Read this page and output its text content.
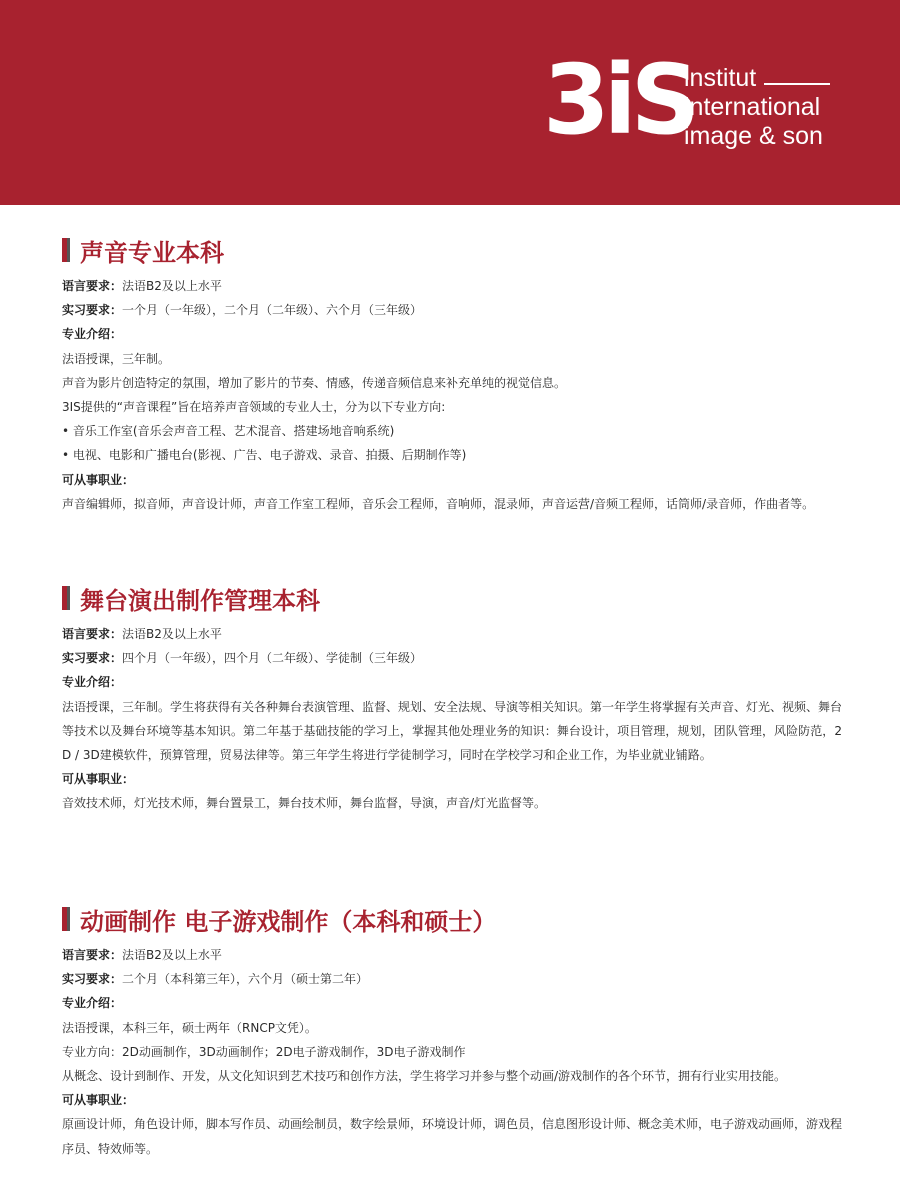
3iS
institut
international
image & son
声音专业本科

语言要求：法语B2及以上水平

实习要求：一个月（一年级），二个月（二年级）、六个月（三年级）

专业介绍：

法语授课，三年制。

声音为影片创造特定的氛围，增加了影片的节奏、情感，传递音频信息来补充单纯的视觉信息。

3IS提供的“声音课程”旨在培养声音领域的专业人士，分为以下专业方向:

• 音乐工作室(音乐会声音工程、艺术混音、搭建场地音响系统)

• 电视、电影和广播电台(影视、广告、电子游戏、录音、拍摄、后期制作等)

可从事职业：

声音编辑师，拟音师，声音设计师，声音工作室工程师，音乐会工程师，音响师，混录师，声音运营/音频工程师，话筒师/录音师，作曲者等。

舞台演出制作管理本科

语言要求：法语B2及以上水平

实习要求：四个月（一年级），四个月（二年级）、学徒制（三年级）

专业介绍：

法语授课，三年制。学生将获得有关各种舞台表演管理、监督、规划、安全法规、导演等相关知识。第一年学生将掌握有关声音、灯光、视频、舞台等技术以及舞台环境等基本知识。第二年基于基础技能的学习上，掌握其他处理业务的知识：舞台设计，项目管理，规划，团队管理，风险防范，2D / 3D建模软件，预算管理，贸易法律等。第三年学生将进行学徒制学习，同时在学校学习和企业工作，为毕业就业铺路。

可从事职业：

音效技术师，灯光技术师，舞台置景工，舞台技术师，舞台监督，导演，声音/灯光监督等。

动画制作 电子游戏制作（本科和硕士）

语言要求：法语B2及以上水平

实习要求：二个月（本科第三年），六个月（硕士第二年）

专业介绍：

法语授课，本科三年，硕士两年（RNCP文凭）。

专业方向：2D动画制作，3D动画制作；2D电子游戏制作，3D电子游戏制作

从概念、设计到制作、开发，从文化知识到艺术技巧和创作方法，学生将学习并参与整个动画/游戏制作的各个环节，拥有行业实用技能。

可从事职业：

原画设计师，角色设计师，脚本写作员、动画绘制员，数字绘景师，环境设计师，调色员，信息图形设计师、概念美术师，电子游戏动画师，游戏程序员、特效师等。
